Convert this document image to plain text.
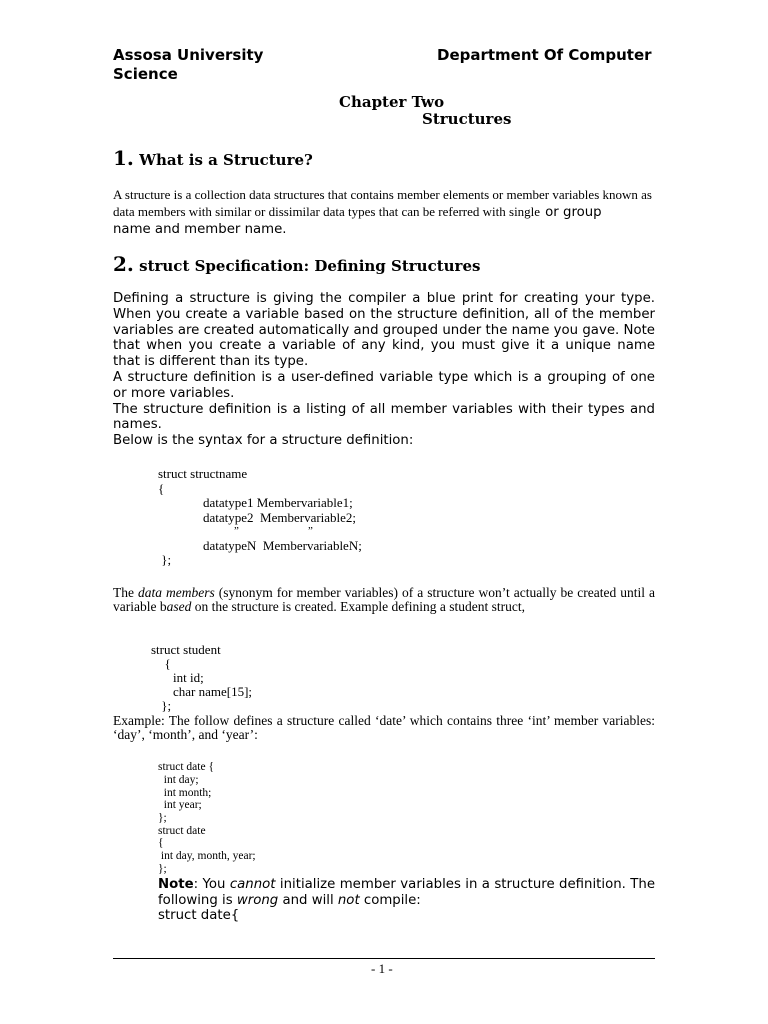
Assosa University	Department Of Computer
Science
Chapter Two
Structures
1. What is a Structure?
A structure is a collection data structures that contains member elements or member variables known as data members with similar or dissimilar data types that can be referred with single or group
name and member name.
2. struct Specification: Defining Structures
Defining a structure is giving the compiler a blue print for creating your type. When you create a variable based on the structure definition, all of the member variables are created automatically and grouped under the name you gave. Note that when you create a variable of any kind, you must give it a unique name that is different than its type.
A structure definition is a user-defined variable type which is a grouping of one or more variables.
The structure definition is a listing of all member variables with their types and names.
Below is the syntax for a structure definition:
struct structname
{
datatype1 Membervariable1;
datatype2  Membervariable2;
”	”
datatypeN  MembervariableN;
};
The data members (synonym for member variables) of a structure won’t actually be created until a variable based on the structure is created. Example defining a student struct,
struct student
{
int id;
char name[15];
};
Example: The follow defines a structure called ‘date’ which contains three ‘int’ member variables: ‘day’, ‘month’, and ‘year’:
struct date {
int day;
int month;
int year;
};
struct date
{
int day, month, year;
};
Note: You cannot initialize member variables in a structure definition. The following is wrong and will not compile:
struct date{
- 1 -
